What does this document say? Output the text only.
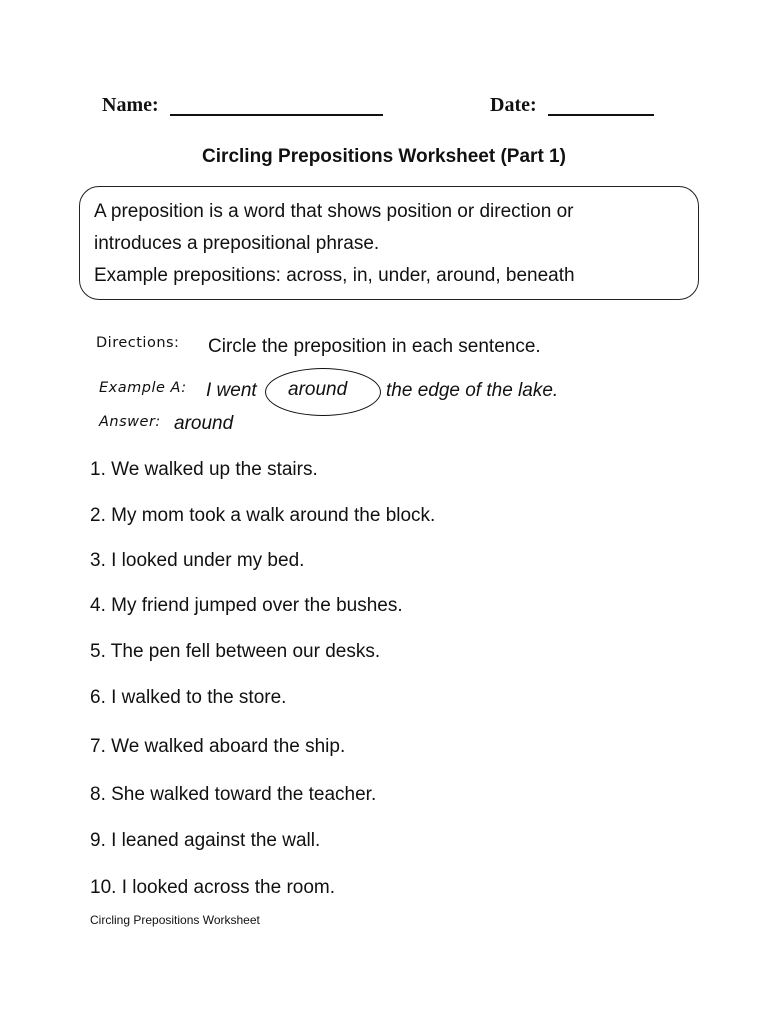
Name:	Date:
Circling Prepositions Worksheet (Part 1)
A preposition is a word that shows position or direction or
introduces a prepositional phrase.
Example prepositions: across, in, under, around, beneath
Directions: Circle the preposition in each sentence.
Example A: I went around the edge of the lake.
Answer: around
1. We walked up the stairs.
2. My mom took a walk around the block.
3. I looked under my bed.
4. My friend jumped over the bushes.
5. The pen fell between our desks.
6. I walked to the store.
7. We walked aboard the ship.
8. She walked toward the teacher.
9. I leaned against the wall.
10. I looked across the room.
Circling Prepositions Worksheet
